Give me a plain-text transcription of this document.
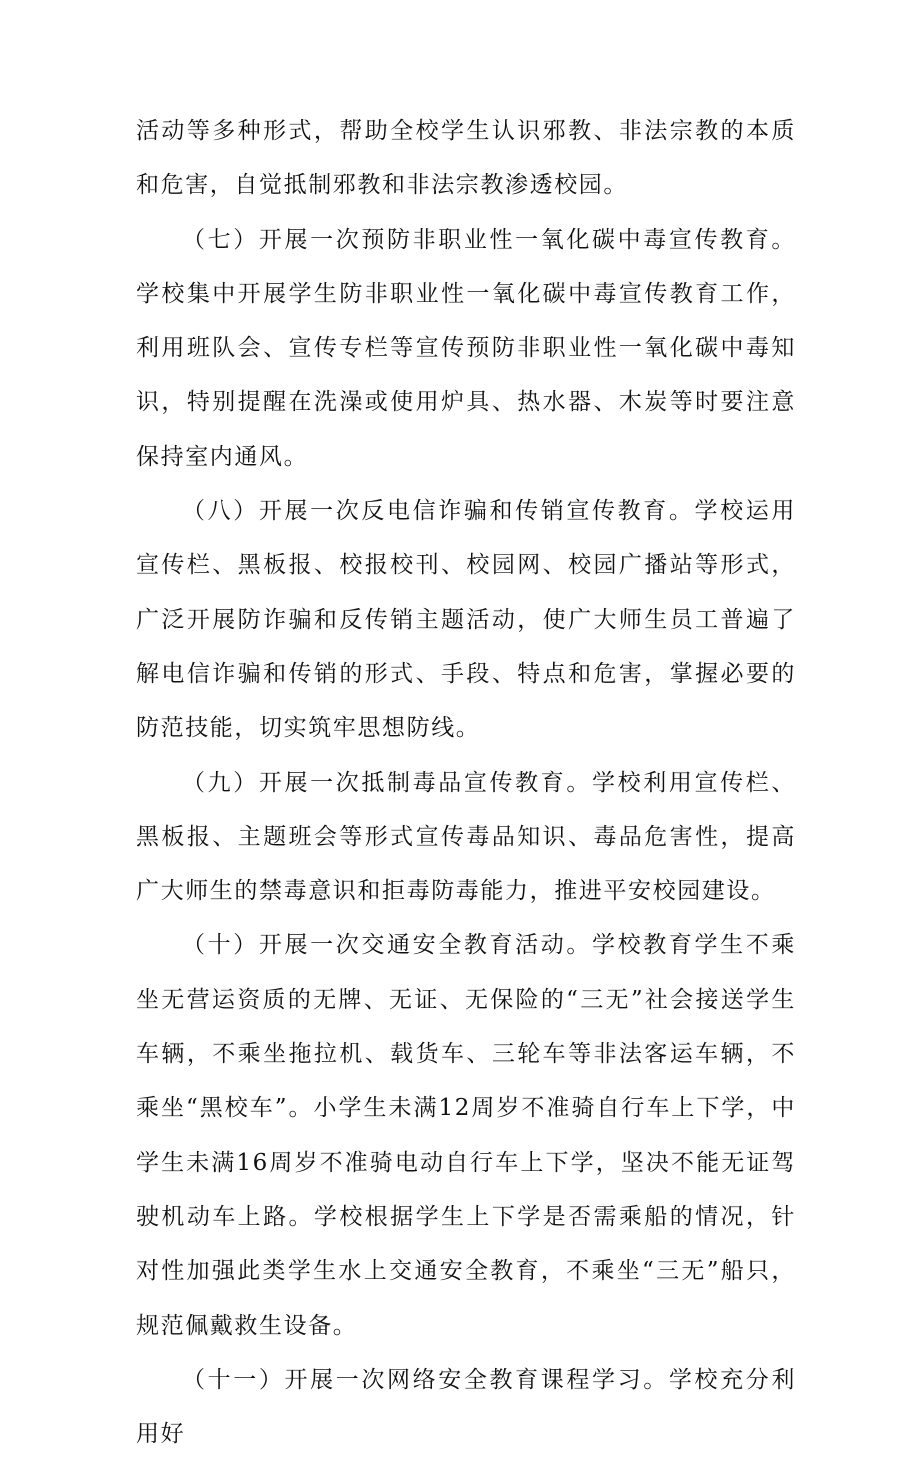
活动等多种形式，帮助全校学生认识邪教、非法宗教的本质和危害，自觉抵制邪教和非法宗教渗透校园。

（七）开展一次预防非职业性一氧化碳中毒宣传教育。学校集中开展学生防非职业性一氧化碳中毒宣传教育工作，利用班队会、宣传专栏等宣传预防非职业性一氧化碳中毒知识，特别提醒在洗澡或使用炉具、热水器、木炭等时要注意保持室内通风。

（八）开展一次反电信诈骗和传销宣传教育。学校运用宣传栏、黑板报、校报校刊、校园网、校园广播站等形式，广泛开展防诈骗和反传销主题活动，使广大师生员工普遍了解电信诈骗和传销的形式、手段、特点和危害，掌握必要的防范技能，切实筑牢思想防线。

（九）开展一次抵制毒品宣传教育。学校利用宣传栏、黑板报、主题班会等形式宣传毒品知识、毒品危害性，提高广大师生的禁毒意识和拒毒防毒能力，推进平安校园建设。

（十）开展一次交通安全教育活动。学校教育学生不乘坐无营运资质的无牌、无证、无保险的“三无”社会接送学生车辆，不乘坐拖拉机、载货车、三轮车等非法客运车辆，不乘坐“黑校车”。小学生未满12周岁不准骑自行车上下学，中学生未满16周岁不准骑电动自行车上下学，坚决不能无证驾驶机动车上路。学校根据学生上下学是否需乘船的情况，针对性加强此类学生水上交通安全教育，不乘坐“三无”船只，规范佩戴救生设备。

（十一）开展一次网络安全教育课程学习。学校充分利用好
